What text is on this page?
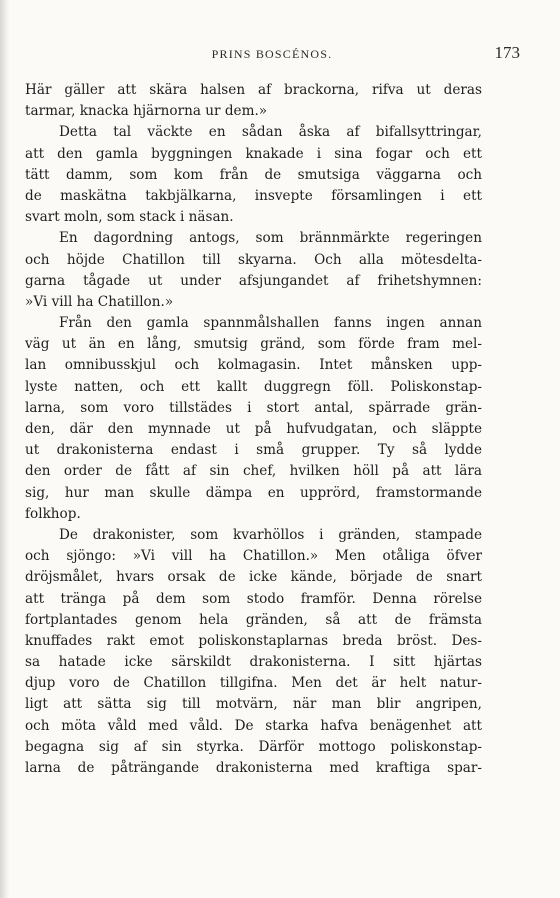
PRINS BOSCÉNOS.	173
Här gäller att skära halsen af brackorna, rifva ut deras
tarmar, knacka hjärnorna ur dem.»
Detta tal väckte en sådan åska af bifallsyttringar,
att den gamla byggningen knakade i sina fogar och ett
tätt damm, som kom från de smutsiga väggarna och
de maskätna takbjälkarna, insvepte församlingen i ett
svart moln, som stack i näsan.
En dagordning antogs, som brännmärkte regeringen
och höjde Chatillon till skyarna. Och alla mötesdelta-
garna tågade ut under afsjungandet af frihetshymnen:
»Vi vill ha Chatillon.»
Från den gamla spannmålshallen fanns ingen annan
väg ut än en lång, smutsig gränd, som förde fram mel-
lan omnibusskjul och kolmagasin. Intet månsken upp-
lyste natten, och ett kallt duggregn föll. Poliskonstap-
larna, som voro tillstädes i stort antal, spärrade grän-
den, där den mynnade ut på hufvudgatan, och släppte
ut drakonisterna endast i små grupper. Ty så lydde
den order de fått af sin chef, hvilken höll på att lära
sig, hur man skulle dämpa en upprörd, framstormande
folkhop.
De drakonister, som kvarhöllos i gränden, stampade
och sjöngo: »Vi vill ha Chatillon.» Men otåliga öfver
dröjsmålet, hvars orsak de icke kände, började de snart
att tränga på dem som stodo framför. Denna rörelse
fortplantades genom hela gränden, så att de främsta
knuffades rakt emot poliskonstaplarnas breda bröst. Des-
sa hatade icke särskildt drakonisterna. I sitt hjärtas
djup voro de Chatillon tillgifna. Men det är helt natur-
ligt att sätta sig till motvärn, när man blir angripen,
och möta våld med våld. De starka hafva benägenhet att
begagna sig af sin styrka. Därför mottogo poliskonstap-
larna de påträngande drakonisterna med kraftiga spar-
